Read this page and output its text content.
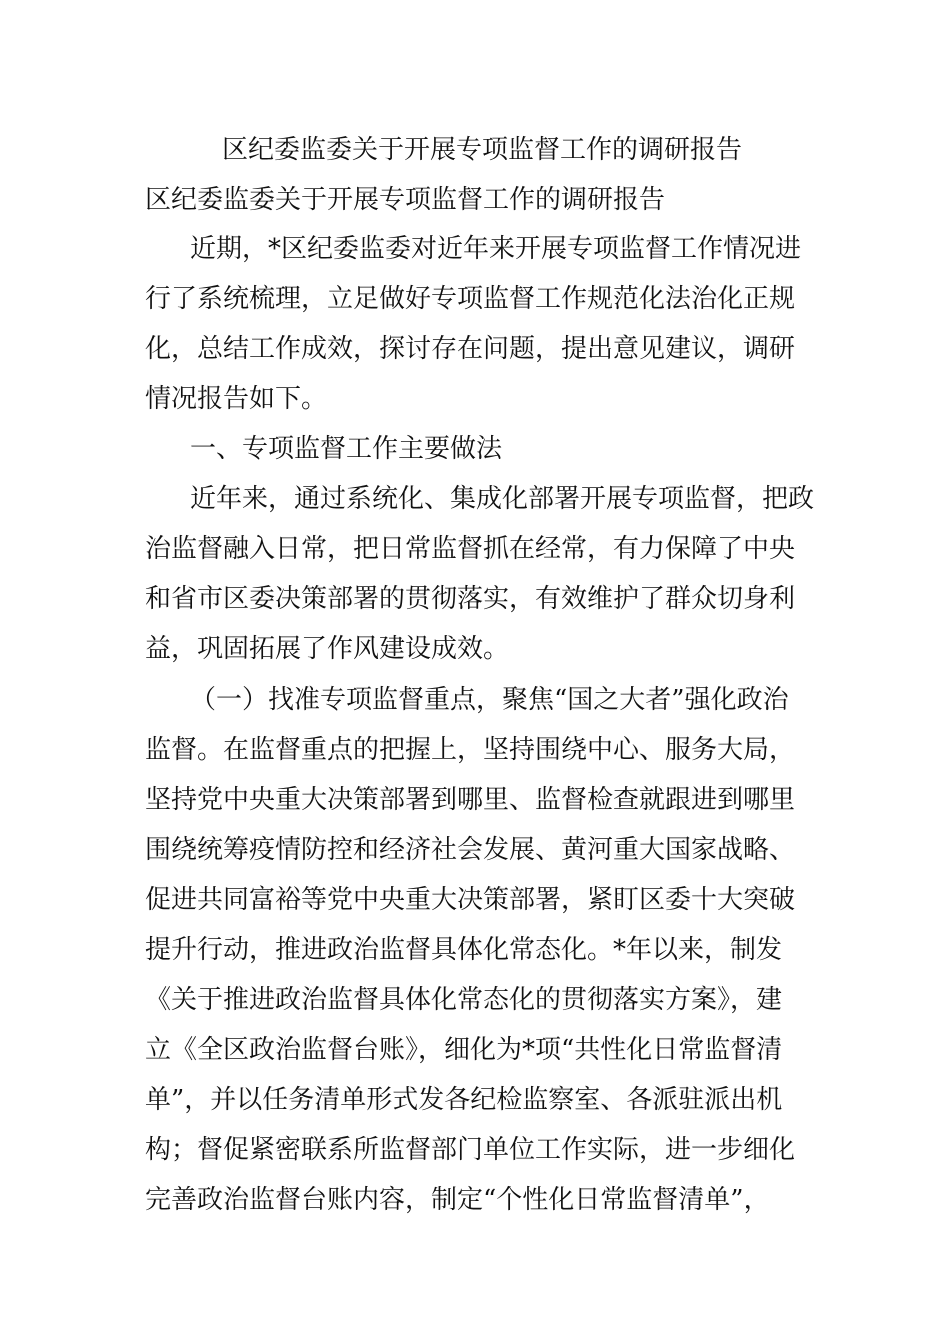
区纪委监委关于开展专项监督工作的调研报告
区纪委监委关于开展专项监督工作的调研报告
近期，*区纪委监委对近年来开展专项监督工作情况进
行了系统梳理，立足做好专项监督工作规范化法治化正规
化，总结工作成效，探讨存在问题，提出意见建议，调研
情况报告如下。
一、专项监督工作主要做法
近年来，通过系统化、集成化部署开展专项监督，把政
治监督融入日常，把日常监督抓在经常，有力保障了中央
和省市区委决策部署的贯彻落实，有效维护了群众切身利
益，巩固拓展了作风建设成效。
（一）找准专项监督重点，聚焦“国之大者”强化政治
监督。在监督重点的把握上，坚持围绕中心、服务大局，
坚持党中央重大决策部署到哪里、监督检查就跟进到哪里
围绕统筹疫情防控和经济社会发展、黄河重大国家战略、
促进共同富裕等党中央重大决策部署，紧盯区委十大突破
提升行动，推进政治监督具体化常态化。*年以来，制发
《关于推进政治监督具体化常态化的贯彻落实方案》，建
立《全区政治监督台账》，细化为*项“共性化日常监督清
单”，并以任务清单形式发各纪检监察室、各派驻派出机
构；督促紧密联系所监督部门单位工作实际，进一步细化
完善政治监督台账内容，制定“个性化日常监督清单”，
